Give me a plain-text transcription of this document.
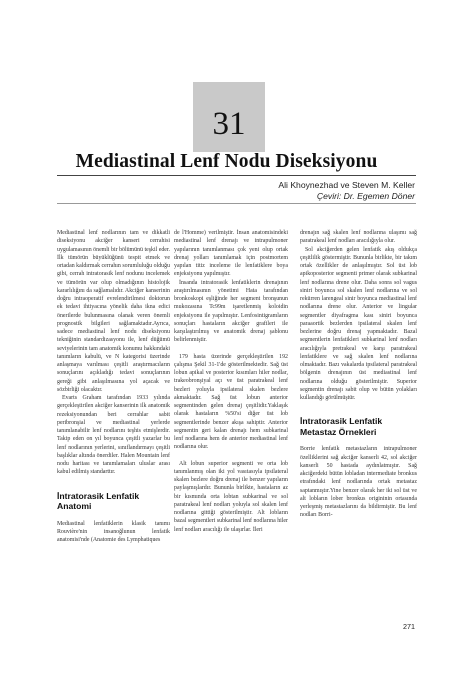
31
Mediastinal Lenf Nodu Diseksiyonu
Ali Khoynezhad ve Steven M. Keller
Çeviri: Dr. Egemen Döner

Mediastinal lenf nodlarının tam ve dikkatli diseksiyonu akciğer kanseri cerrahisi uygulamasının önemli bir bölümünü teşkil eder. İlk tümörün büyüklüğünü tespit etmek ve ortadan kaldırmak cerrahın sorumluluğu olduğu gibi, cerrah intratorasik lenf nodunu incelemek ve tümörün var olup olmadığının histolojik kararlılığını da sağlamalıdır. Akciğer kanserinin doğru intraoperatif evrelendirilmesi doktorun ek tedavi ihtiyacına yönelik daha ikna edici önerilerde bulunmasına olanak veren önemli prognostik bilgileri sağlamaktadır.Ayrıca, sadece mediastinal lenf nodu diseksiyonu tekniğinin standardizasyonu ile, lenf düğümü seviyelerinin tam anatomik konumu hakkındaki tanımların kabulü, ve N kategorisi üzerinde anlaşmaya varılması çeşitli araştırmacıların sonuçlarını açıkladığı tedavi sonuçlarının gereği gibi anlaşılmasına yol açacak ve sözbirliği olacaktır.

Evarts Graham tarafından 1933 yılında gerçekleştirilen akciğer kanserinin ilk anatomik rezeksiyonundan beri cerrahlar sabit peribronşial ve mediastinal yerlerde tanımlanabilir lenf nodlarını teşhis etmişlerdir. Takip eden on yıl boyunca çeşitli yazarlar bu lenf nodlarının yerlerini, sınıflandırmayı çeşitli başlıklar altında önerdiler. Halen Mountain lenf nodu haritası ve tanımlamaları uluslar arası kabul edilmiş standarttır.

İntratorasik Lenfatik Anatomi

Mediastinal lenfatiklerin klasik tanımı Rouvière'nin insanoğlunun lenfatik anatomisi'nde (Anatomie des Lymphatiques

de l'Homme) verilmiştir. İnsan anatomisindeki mediastinal lenf drenajı ve intrapulmoner yapılarının tanımlanması çok yeni olup ortak drenaj yolları tanımlamak için postmortem yapılan titiz inceleme ile lenfatiklere boya enjeksiyonu yapılmıştır.

İnsanda intratorasik lenfatiklerin drenajının araştırılmasının yönetimi Hata tarafından bronkoskopi eşliğinde her segment bronşunun mukozasına Tc99m işaretlenmiş koloidin enjeksiyonu ile yapılmıştır. Lenfosintigramların sonuçları hastaların akciğer grafileri ile karşılaştırılmış ve anatomik drenaj şablonu belirlenmiştir.

179 hasta üzerinde gerçekleştirilen 192 çalışma Şekil 31-1'de gösterilmektedir. Sağ üst lobun apikal ve posterior kısımları hiler nodlar, trakeobronşiyal açı ve üst paratrakeal lenf bezleri yoluyla ipsilateral skalen bezlere akmaktadır. Sağ üst lobun anterior segmentinden gelen drenaj çeşitlidir.Yaklaşık olarak hastaların %50'si diğer üst lob segmentlerinde benzer akışa sahiptir. Anterior segmentin geri kalan drenajı hem subkarinal lenf nodlarına hem de anterior mediastinal lenf nodlarına olur.

Alt lobun superior segmenti ve orta lob tanımlanmış olan iki yol vasıtasıyla ipsilateral skalen bezlere doğru drenaj ile benzer yapıların paylaşmışlardır. Bununla birlikte, hastaların az bir kısmında orta lobtan subkarinal ve sol paratrakeal lenf nodları yoluyla sol skalen lenf nodlarına gittiği gösterilmiştir. Alt lobların bazal segmentleri subkarinal lenf nodlarına hiler lenf nodları aracılığı ile ulaşırlar. İleri

drenajın sağ skalen lenf nodlarına ulaşımı sağ paratrakeal lenf nodları aracılığıyla olur.

Sol akciğerden gelen lenfatik akış oldukça çeşitlilik göstermiştir. Bununla birlikte, bir takım ortak özellikler de anlaşılmıştır. Sol üst lob apikoposterior segmenti primer olarak subkarinal lenf nodlarına drene olur. Daha sonra sol vagus siniri boyunca sol skalen lenf nodlarına ve sol rekürren larengeal sinir boyunca mediastinal lenf nodlarına drene olur. Anterior ve lingular segmentler diyafragma kası siniri boyunca paraaortik bezlerden ipsilateral skalen lenf bezlerine doğru drenaj yapmaktadır. Bazal segmentlerin lenfatikleri subkarinal lenf nodları aracılığıyla pretrakeal ve karşı paratrakeal lenfatiklere ve sağ skalen lenf nodlarına olmaktadır. Bazı vakalarda ipsilateral paratrakeal bölgenin drenajının üst mediastinal lenf nodlarına olduğu gösterilmiştir. Superior segmentin drenajı sabit olup ve bütün yolakları kullandığı görülmüştür.

İntratorasik Lenfatik Metastaz Örnekleri

Borrie lenfatik metastazların intrapulmoner özelliklerini sağ akciğer kanserli 42, sol akciğer kanserli 50 hastada aydınlatmıştır. Sağ akciğerdeki bütün lobladan intermediate bronkus etrafındaki lenf nodlarında ortak metastaz saptanmıştır.Yine benzer olarak her iki sol üst ve alt lobların lober bronkus origininin ortasında yerleşmiş metastazlarını da bildirmiştir. Bu lenf nodları Borri-

271
